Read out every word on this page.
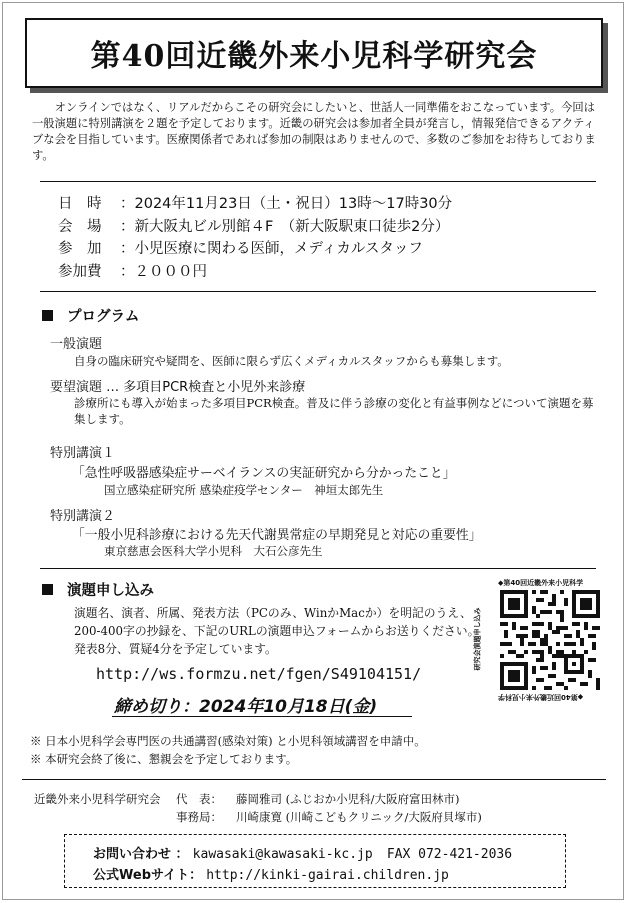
第40回近畿外来小児科学研究会
オンラインではなく、リアルだからこその研究会にしたいと、世話人一同準備をおこなっています。今回は一般演題に特別講演を２題を予定しております。近畿の研究会は参加者全員が発言し，情報発信できるアクティブな会を目指しています。医療関係者であれば参加の制限はありませんので、多数のご参加をお待ちしております。
日　時 ：2024年11月23日（土・祝日）13時〜17時30分
会　場 ：新大阪丸ビル別館４F　（新大阪駅東口徒歩2分）
参　加 ：小児医療に関わる医師，メディカルスタッフ
参加費 ：２０００円
プログラム
一般演題
自身の臨床研究や疑問を、医師に限らず広くメディカルスタッフからも募集します。
要望演題 … 多項目PCR検査と小児外来診療
診療所にも導入が始まった多項目PCR検査。普及に伴う診療の変化と有益事例などについて演題を募集します。
特別講演１
「急性呼吸器感染症サーベイランスの実証研究から分かったこと」
国立感染症研究所 感染症疫学センター　神垣太郎先生
特別講演２
「一般小児科診療における先天代謝異常症の早期発見と対応の重要性」
東京慈恵会医科大学小児科　大石公彦先生
演題申し込み
演題名、演者、所属、発表方法（PCのみ、WinかMacか）を明記のうえ、200-400字の抄録を、下記のURLの演題申込フォームからお送りください。発表8分、質疑4分を予定しています。
http://ws.formzu.net/fgen/S49104151/
締め切り：2024年10月18日(金)
◆第40回近畿外来小児科学
◆第40回近畿外来小児科学
研究会演題申し込み
※ 日本小児科学会専門医の共通講習(感染対策) と小児科領域講習を申請中。
※ 本研究会終了後に、懇親会を予定しております。
近畿外来小児科学研究会 代　表： 藤岡雅司 (ふじおか小児科/大阪府富田林市)
事務局： 川崎康寛 (川崎こどもクリニック/大阪府貝塚市)
お問い合わせ ： kawasaki@kawasaki-kc.jp FAX 072-421-2036
公式Webサイト： http://kinki-gairai.children.jp
